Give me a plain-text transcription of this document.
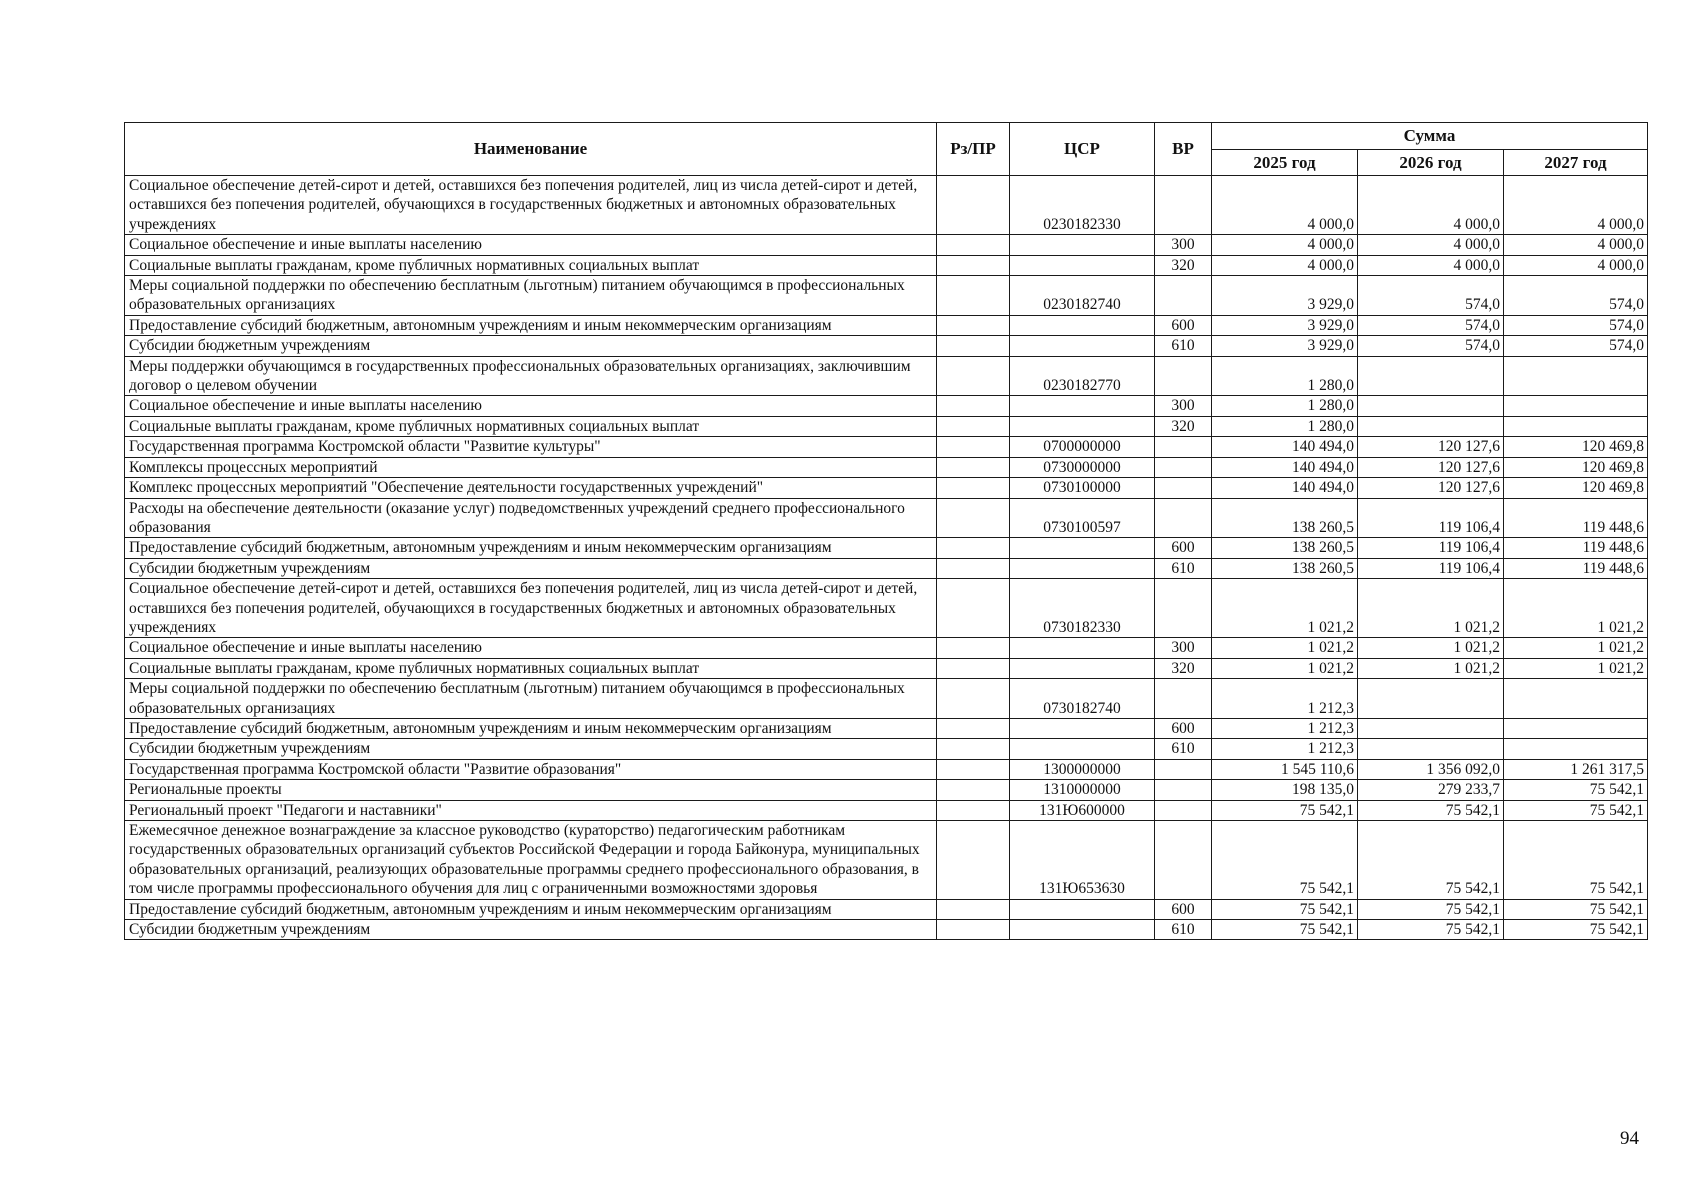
Наименование	Рз/ПР	ЦСР	ВР	Сумма		
				2025 год	2026 год	2027 год
Социальное обеспечение детей-сирот и детей, оставшихся без попечения родителей, лиц из числа детей-сирот и детей, оставшихся без попечения родителей, обучающихся в государственных бюджетных и автономных образовательных учреждениях		0230182330		4 000,0	4 000,0	4 000,0
Социальное обеспечение и иные выплаты населению			300	4 000,0	4 000,0	4 000,0
Социальные выплаты гражданам, кроме публичных нормативных социальных выплат			320	4 000,0	4 000,0	4 000,0
Меры социальной поддержки по обеспечению бесплатным (льготным) питанием обучающимся в профессиональных образовательных организациях		0230182740		3 929,0	574,0	574,0
Предоставление субсидий бюджетным, автономным учреждениям и иным некоммерческим организациям			600	3 929,0	574,0	574,0
Субсидии бюджетным учреждениям			610	3 929,0	574,0	574,0
Меры поддержки обучающимся в государственных профессиональных образовательных организациях, заключившим договор о целевом обучении		0230182770		1 280,0		
Социальное обеспечение и иные выплаты населению			300	1 280,0		
Социальные выплаты гражданам, кроме публичных нормативных социальных выплат			320	1 280,0		
Государственная программа Костромской области "Развитие культуры"		0700000000		140 494,0	120 127,6	120 469,8
Комплексы процессных мероприятий		0730000000		140 494,0	120 127,6	120 469,8
Комплекс процессных мероприятий "Обеспечение деятельности государственных учреждений"		0730100000		140 494,0	120 127,6	120 469,8
Расходы на обеспечение деятельности (оказание услуг) подведомственных учреждений среднего профессионального образования		0730100597		138 260,5	119 106,4	119 448,6
Предоставление субсидий бюджетным, автономным учреждениям и иным некоммерческим организациям			600	138 260,5	119 106,4	119 448,6
Субсидии бюджетным учреждениям			610	138 260,5	119 106,4	119 448,6
Социальное обеспечение детей-сирот и детей, оставшихся без попечения родителей, лиц из числа детей-сирот и детей, оставшихся без попечения родителей, обучающихся в государственных бюджетных и автономных образовательных учреждениях		0730182330		1 021,2	1 021,2	1 021,2
Социальное обеспечение и иные выплаты населению			300	1 021,2	1 021,2	1 021,2
Социальные выплаты гражданам, кроме публичных нормативных социальных выплат			320	1 021,2	1 021,2	1 021,2
Меры социальной поддержки по обеспечению бесплатным (льготным) питанием обучающимся в профессиональных образовательных организациях		0730182740		1 212,3		
Предоставление субсидий бюджетным, автономным учреждениям и иным некоммерческим организациям			600	1 212,3		
Субсидии бюджетным учреждениям			610	1 212,3		
Государственная программа Костромской области "Развитие образования"		1300000000		1 545 110,6	1 356 092,0	1 261 317,5
Региональные проекты		1310000000		198 135,0	279 233,7	75 542,1
Региональный проект "Педагоги и наставники"		131Ю600000		75 542,1	75 542,1	75 542,1
Ежемесячное денежное вознаграждение за классное руководство (кураторство) педагогическим работникам государственных образовательных организаций субъектов Российской Федерации и города Байконура, муниципальных образовательных организаций, реализующих образовательные программы среднего профессионального образования, в том числе программы профессионального обучения для лиц с ограниченными возможностями здоровья		131Ю653630		75 542,1	75 542,1	75 542,1
Предоставление субсидий бюджетным, автономным учреждениям и иным некоммерческим организациям			600	75 542,1	75 542,1	75 542,1
Субсидии бюджетным учреждениям			610	75 542,1	75 542,1	75 542,1
94
